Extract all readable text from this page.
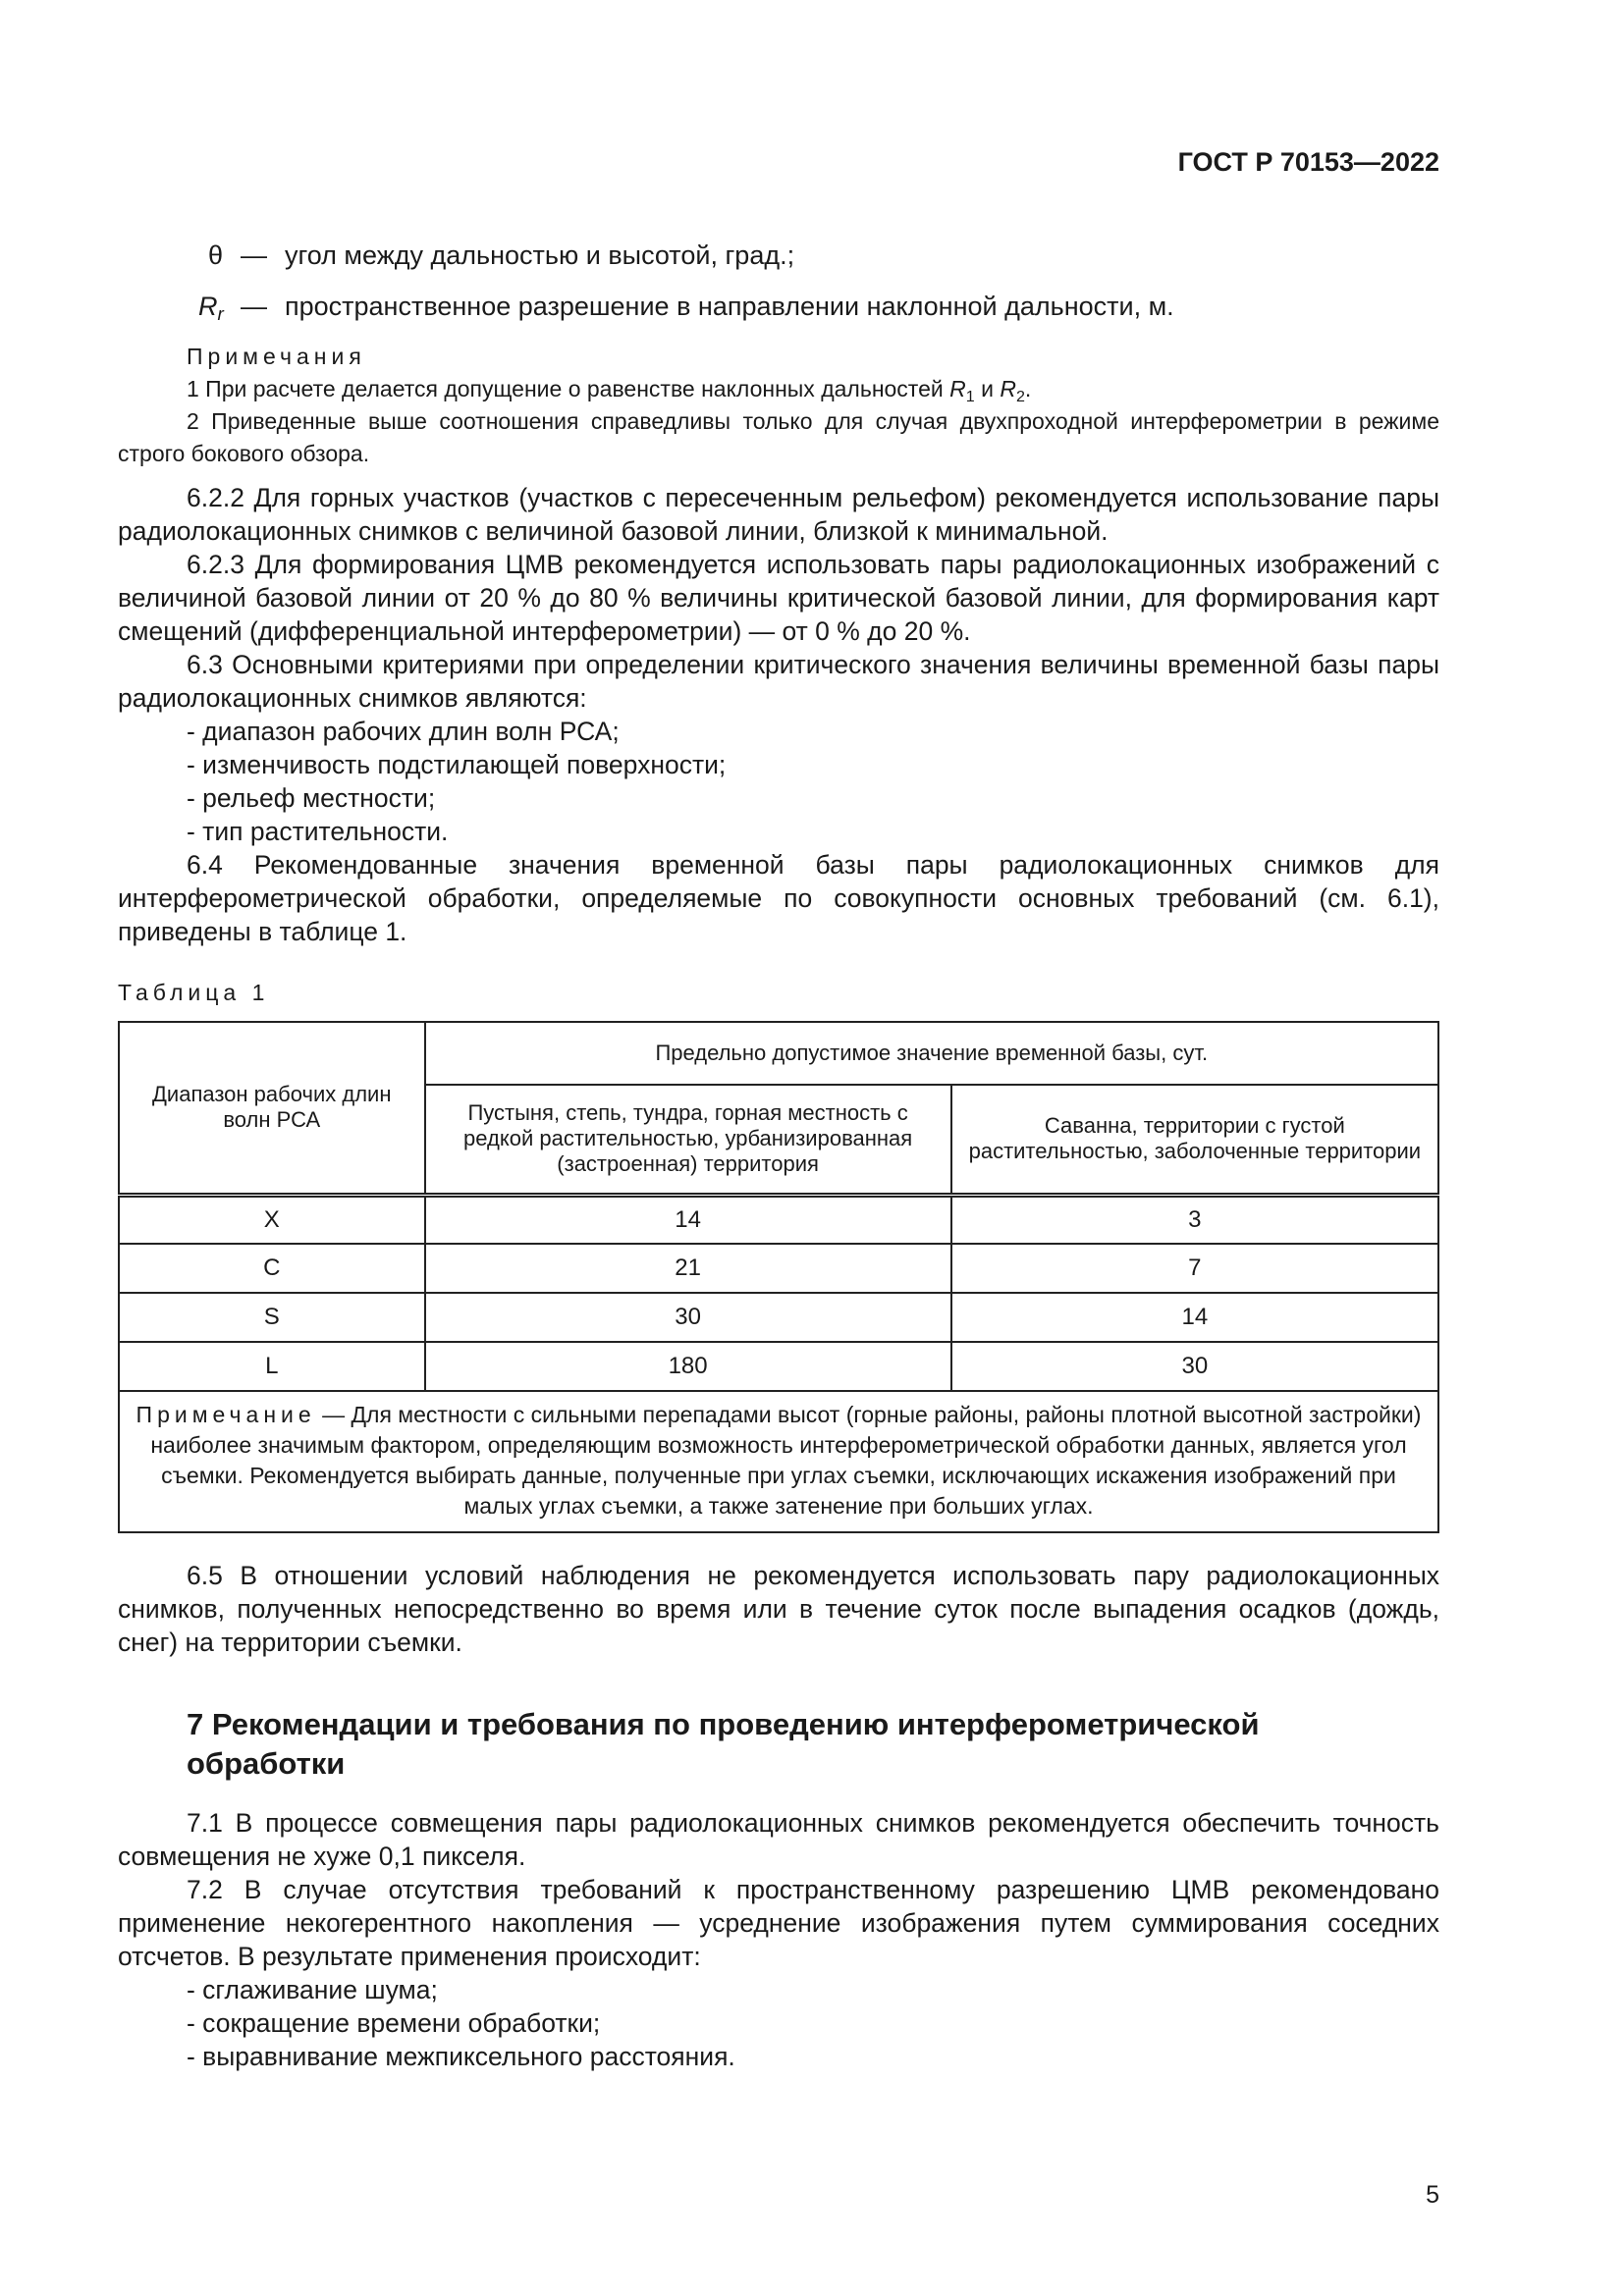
ГОСТ Р 70153—2022
θ — угол между дальностью и высотой, град.;
$R_r$ — пространственное разрешение в направлении наклонной дальности, м.
Примечания
1 При расчете делается допущение о равенстве наклонных дальностей $R_1$ и $R_2$.
2 Приведенные выше соотношения справедливы только для случая двухпроходной интерферометрии в режиме строго бокового обзора.

6.2.2 Для горных участков (участков с пересеченным рельефом) рекомендуется использование пары радиолокационных снимков с величиной базовой линии, близкой к минимальной.

6.2.3 Для формирования ЦМВ рекомендуется использовать пары радиолокационных изображений с величиной базовой линии от 20 % до 80 % величины критической базовой линии, для формирования карт смещений (дифференциальной интерферометрии) — от 0 % до 20 %.

6.3 Основными критериями при определении критического значения величины временной базы пары радиолокационных снимков являются:

- диапазон рабочих длин волн РСА;

- изменчивость подстилающей поверхности;

- рельеф местности;

- тип растительности.

6.4 Рекомендованные значения временной базы пары радиолокационных снимков для интерферометрической обработки, определяемые по совокупности основных требований (см. 6.1), приведены в таблице 1.

Таблица 1
Диапазон рабочих длин волн РСА	Предельно допустимое значение временной базы, сут.	
	Пустыня, степь, тундра, горная местность с редкой растительностью, урбанизированная (застроенная) территория	Саванна, территории с густой растительностью, заболоченные территории
X	14	3
C	21	7
S	30	14
L	180	30
Примечание — Для местности с сильными перепадами высот (горные районы, районы плотной высотной застройки) наиболее значимым фактором, определяющим возможность интерферометрической обработки данных, является угол съемки. Рекомендуется выбирать данные, полученные при углах съемки, исключающих искажения изображений при малых углах съемки, а также затенение при больших углах.		

6.5 В отношении условий наблюдения не рекомендуется использовать пару радиолокационных снимков, полученных непосредственно во время или в течение суток после выпадения осадков (дождь, снег) на территории съемки.

7 Рекомендации и требования по проведению интерферометрической обработки

7.1 В процессе совмещения пары радиолокационных снимков рекомендуется обеспечить точность совмещения не хуже 0,1 пикселя.

7.2 В случае отсутствия требований к пространственному разрешению ЦМВ рекомендовано применение некогерентного накопления — усреднение изображения путем суммирования соседних отсчетов. В результате применения происходит:

- сглаживание шума;

- сокращение времени обработки;

- выравнивание межпиксельного расстояния.

5
